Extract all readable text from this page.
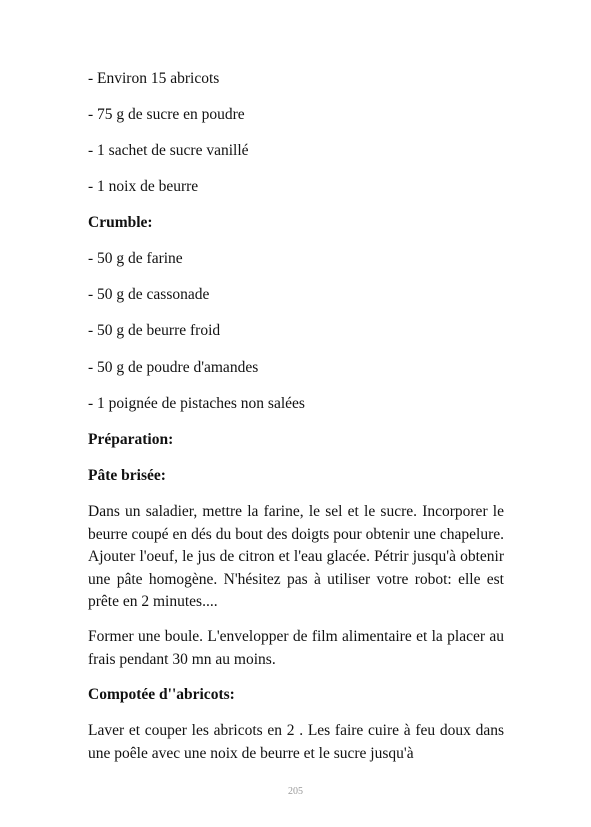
- Environ 15 abricots
- 75 g de sucre en poudre
- 1 sachet de sucre vanillé
- 1 noix de beurre
Crumble:
- 50 g de farine
- 50 g de cassonade
- 50 g de beurre froid
- 50 g de poudre d'amandes
- 1 poignée de pistaches non salées
Préparation:
Pâte brisée:
Dans un saladier, mettre la farine, le sel et le sucre. Incorporer le beurre coupé en dés du bout des doigts pour obtenir une chapelure. Ajouter l'oeuf, le jus de citron et l'eau glacée. Pétrir jusqu'à obtenir une pâte homogène. N'hésitez pas à utiliser votre robot: elle est prête en 2 minutes....
Former une boule. L'envelopper de film alimentaire et la placer au frais pendant 30 mn au moins.
Compotée d''abricots:
Laver et couper les abricots en 2 . Les faire cuire à feu doux dans une poêle avec une noix de beurre et le sucre jusqu'à
205
